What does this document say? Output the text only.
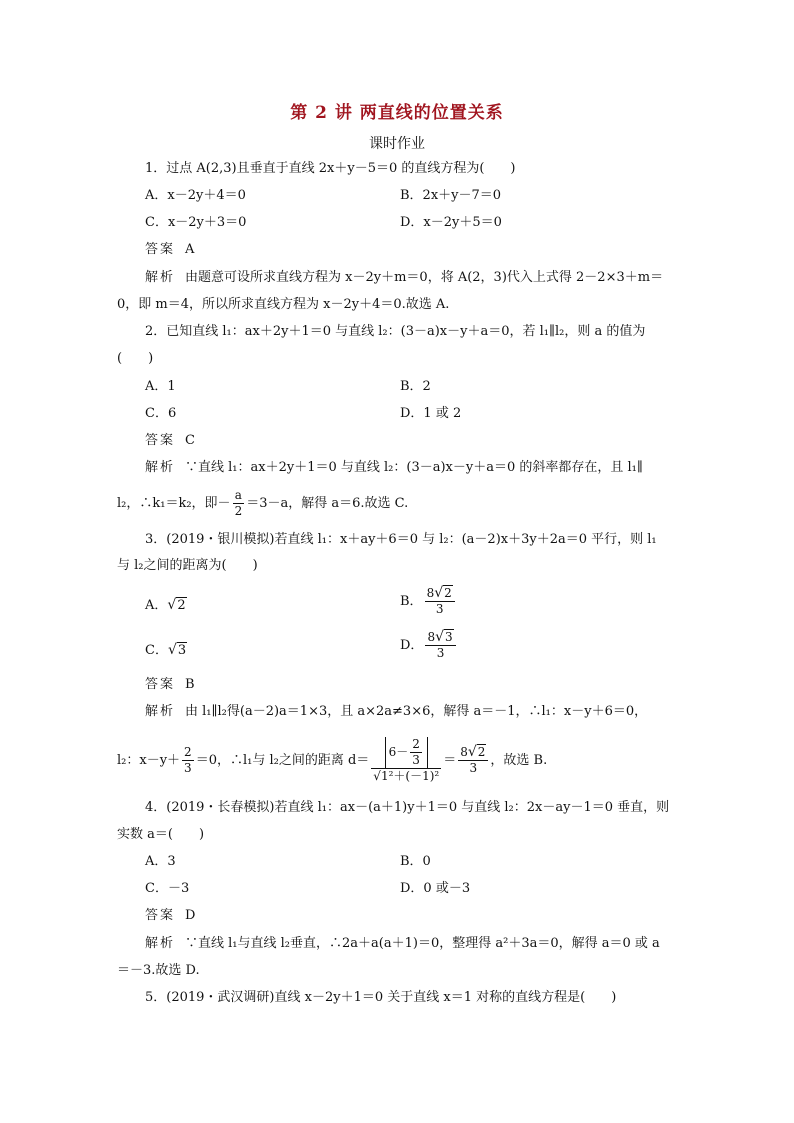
第 2 讲 两直线的位置关系
课时作业
1．过点 A(2,3)且垂直于直线 2x＋y－5＝0 的直线方程为(　　)
A．x－2y＋4＝0	B．2x＋y－7＝0
C．x－2y＋3＝0	D．x－2y＋5＝0
答案 A
解析 由题意可设所求直线方程为 x－2y＋m＝0，将 A(2，3)代入上式得 2－2×3＋m＝
0，即 m＝4，所以所求直线方程为 x－2y＋4＝0.故选 A.
2．已知直线 l₁：ax＋2y＋1＝0 与直线 l₂：(3－a)x－y＋a＝0，若 l₁∥l₂，则 a 的值为
(　　)
A．1	B．2
C．6	D．1 或 2
答案 C
解析 ∵直线 l₁：ax＋2y＋1＝0 与直线 l₂：(3－a)x－y＋a＝0 的斜率都存在，且 l₁∥
l₂，∴k₁＝k₂，即－ $\frac{a}{2} =3-a$，解得 a＝6.故选 C.
3．(2019・银川模拟)若直线 l₁：x＋ay＋6＝0 与 l₂：(a－2)x＋3y＋2a＝0 平行，则 l₁
与 l₂之间的距离为(　　)
A．√2	B． $\frac{8√2}{3}$
C．√3	D． $\frac{8√3}{3}$
答案 B
解析 由 l₁∥l₂得(a－2)a＝1×3，且 a×2a≠3×6，解得 a＝－1，∴l₁：x－y＋6＝0，
l₂：$x-y+ \frac{2}{3} =0$，∴l₁与 l₂之间的距离 $d= \frac{6- \frac{2}{3}}{\text{√1²＋(－1)²}} = \frac{8√2}{3}$ ，故选 B.
4．(2019・长春模拟)若直线 l₁：ax－(a＋1)y＋1＝0 与直线 l₂：2x－ay－1＝0 垂直，则
实数 a＝(　　)
A．3	B．0
C．－3	D．0 或－3
答案 D
解析 ∵直线 l₁与直线 l₂垂直，∴2a＋a(a＋1)＝0，整理得 a²＋3a＝0，解得 a＝0 或 a
＝－3.故选 D.
5．(2019・武汉调研)直线 x－2y＋1＝0 关于直线 x＝1 对称的直线方程是(　　)
